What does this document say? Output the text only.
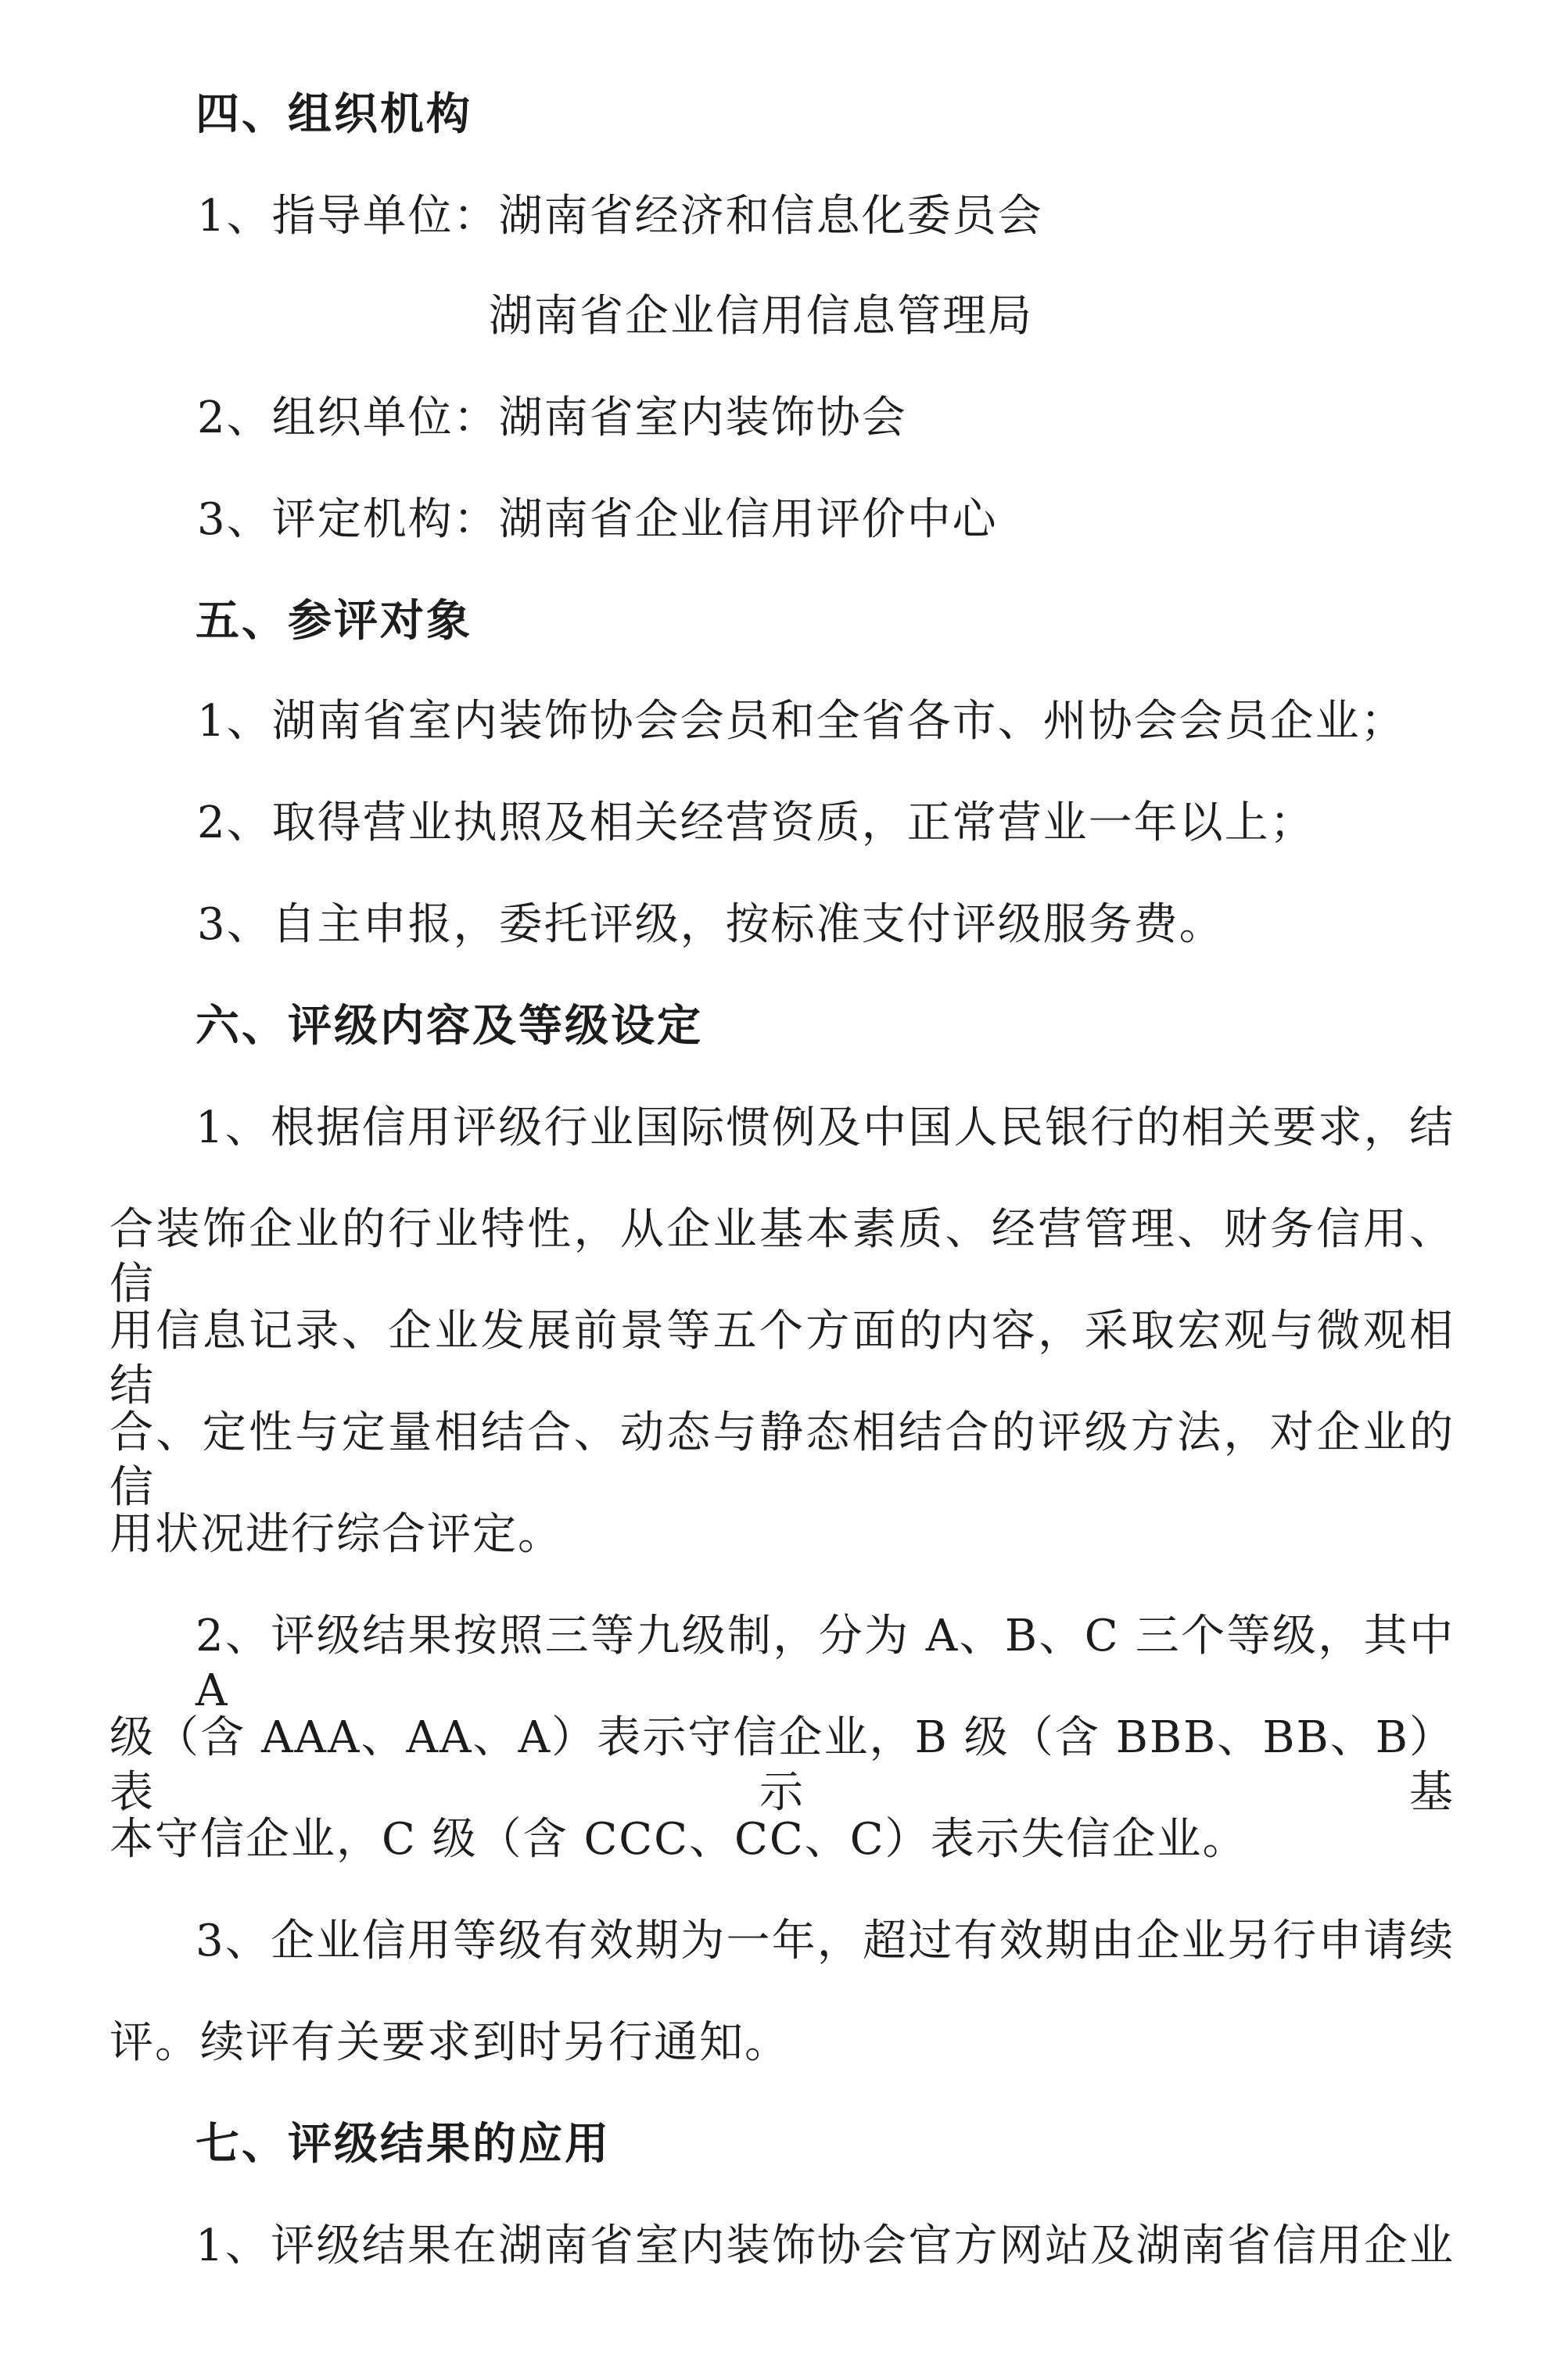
四、组织机构
1、指导单位：湖南省经济和信息化委员会
湖南省企业信用信息管理局
2、组织单位：湖南省室内装饰协会
3、评定机构：湖南省企业信用评价中心
五、参评对象
1、湖南省室内装饰协会会员和全省各市、州协会会员企业；
2、取得营业执照及相关经营资质，正常营业一年以上；
3、自主申报，委托评级，按标准支付评级服务费。
六、评级内容及等级设定
1、根据信用评级行业国际惯例及中国人民银行的相关要求，结
合装饰企业的行业特性，从企业基本素质、经营管理、财务信用、信
用信息记录、企业发展前景等五个方面的内容，采取宏观与微观相结
合、定性与定量相结合、动态与静态相结合的评级方法，对企业的信
用状况进行综合评定。
2、评级结果按照三等九级制，分为 A、B、C 三个等级，其中 A
级（含 AAA、AA、A）表示守信企业，B 级（含 BBB、BB、B）表示基
本守信企业，C 级（含 CCC、CC、C）表示失信企业。
3、企业信用等级有效期为一年，超过有效期由企业另行申请续
评。续评有关要求到时另行通知。
七、评级结果的应用
1、评级结果在湖南省室内装饰协会官方网站及湖南省信用企业
